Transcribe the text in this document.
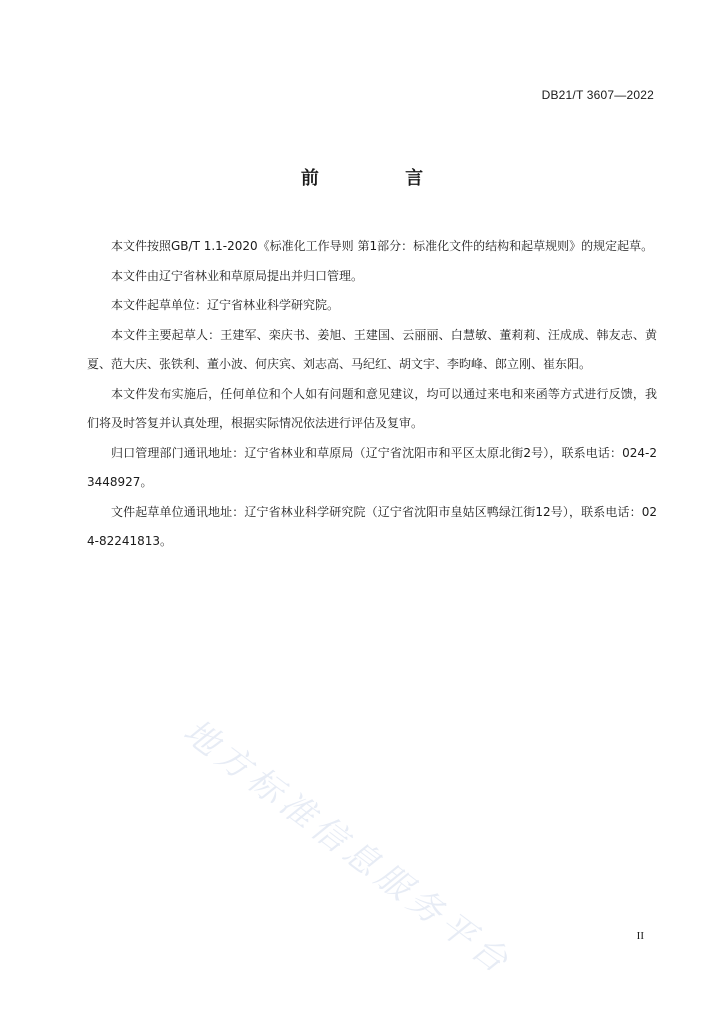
DB21/T 3607—2022
前 言

本文件按照GB/T 1.1-2020《标准化工作导则 第1部分：标准化文件的结构和起草规则》的规定起草。

本文件由辽宁省林业和草原局提出并归口管理。

本文件起草单位：辽宁省林业科学研究院。

本文件主要起草人：王建军、栾庆书、姜旭、王建国、云丽丽、白慧敏、董莉莉、汪成成、韩友志、黄夏、范大庆、张铁利、董小波、何庆宾、刘志高、马纪红、胡文宇、李昀峰、郎立刚、崔东阳。

本文件发布实施后，任何单位和个人如有问题和意见建议，均可以通过来电和来函等方式进行反馈，我们将及时答复并认真处理，根据实际情况依法进行评估及复审。

归口管理部门通讯地址：辽宁省林业和草原局（辽宁省沈阳市和平区太原北街2号），联系电话：024-23448927。

文件起草单位通讯地址：辽宁省林业科学研究院（辽宁省沈阳市皇姑区鸭绿江街12号），联系电话：024-82241813。

地方标准信息服务平台	II
